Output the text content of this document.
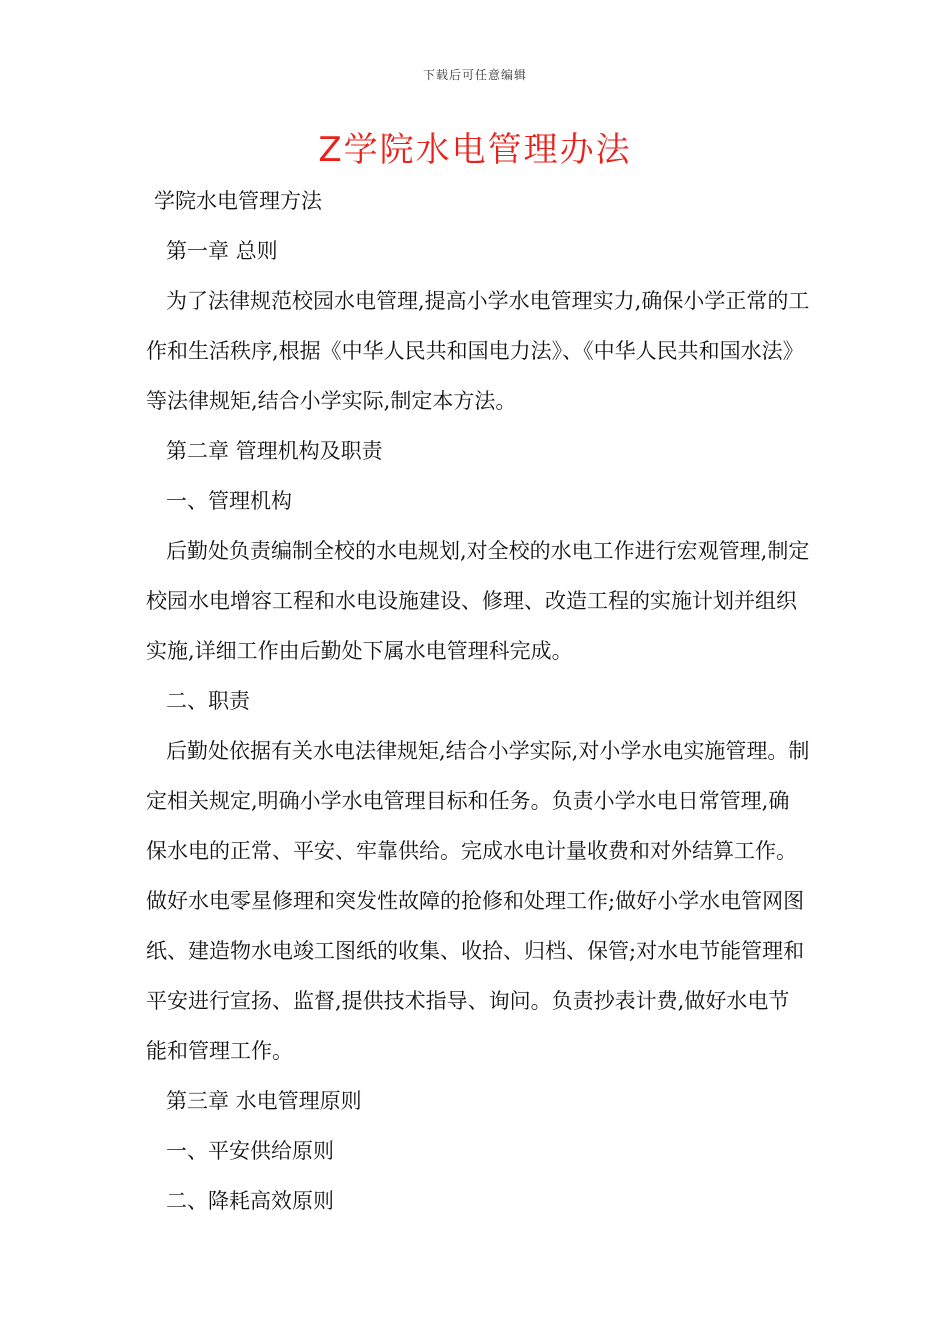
下载后可任意编辑
Z学院水电管理办法

学院水电管理方法

第一章 总则

为了法律规范校园水电管理,提高小学水电管理实力,确保小学正常的工作和生活秩序,根据《中华人民共和国电力法》、《中华人民共和国水法》等法律规矩,结合小学实际,制定本方法。

第二章 管理机构及职责

一、管理机构

后勤处负责编制全校的水电规划,对全校的水电工作进行宏观管理,制定校园水电增容工程和水电设施建设、修理、改造工程的实施计划并组织实施,详细工作由后勤处下属水电管理科完成。

二、职责

后勤处依据有关水电法律规矩,结合小学实际,对小学水电实施管理。制定相关规定,明确小学水电管理目标和任务。负责小学水电日常管理,确保水电的正常、平安、牢靠供给。完成水电计量收费和对外结算工作。做好水电零星修理和突发性故障的抢修和处理工作;做好小学水电管网图纸、建造物水电竣工图纸的收集、收拾、归档、保管;对水电节能管理和平安进行宣扬、监督,提供技术指导、询问。负责抄表计费,做好水电节能和管理工作。

第三章 水电管理原则

一、平安供给原则

二、降耗高效原则
